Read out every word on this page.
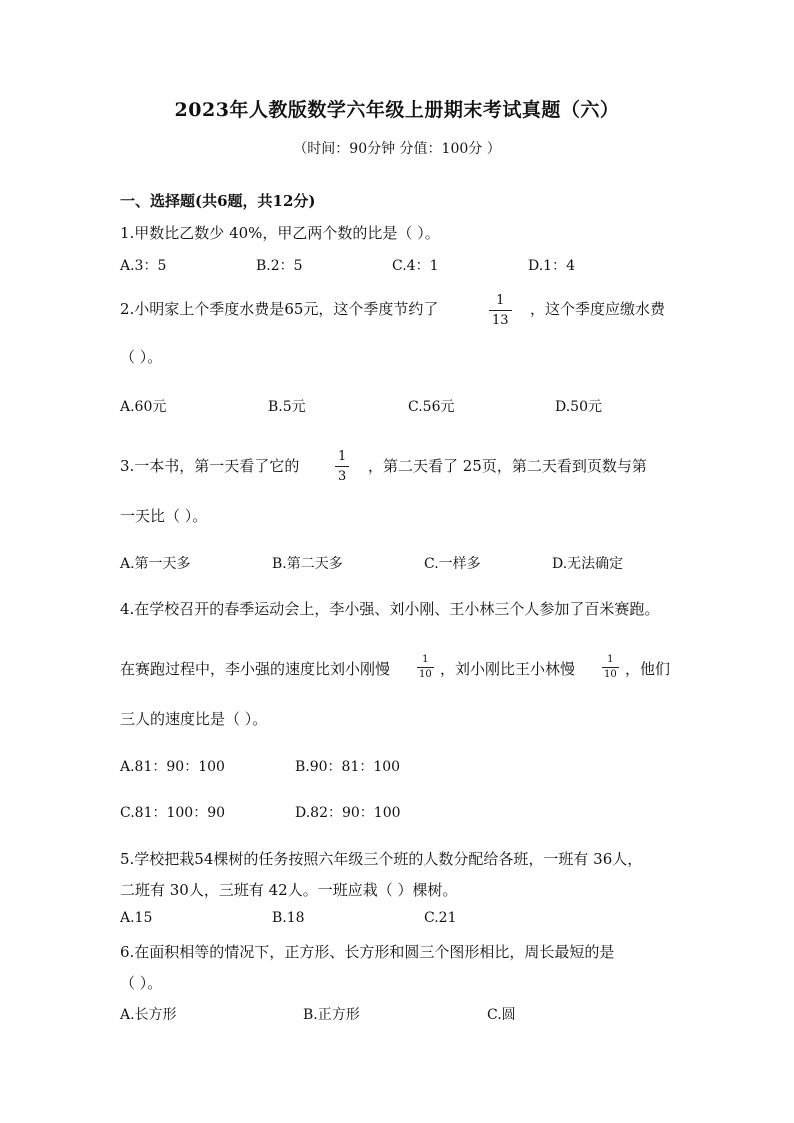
2023年人教版数学六年级上册期末考试真题（六）
（时间：90分钟 分值：100分 ）
一、选择题(共6题，共12分)
1.甲数比乙数少 40%，甲乙两个数的比是（ ）。
A.3：5	B.2：5	C.4：1	D.1：4
2.小明家上个季度水费是65元，这个季度节约了	$\frac{1}{13}$ ，这个季度应缴水费
（ ）。
A.60元	B.5元	C.56元	D.50元
3.一本书，第一天看了它的	$\frac{1}{3}$ ，第二天看了 25页，第二天看到页数与第
一天比（ ）。
A.第一天多	B.第二天多	C.一样多	D.无法确定
4.在学校召开的春季运动会上，李小强、刘小刚、王小林三个人参加了百米赛跑。
在赛跑过程中，李小强的速度比刘小刚慢	$\frac{1}{10}$ ，刘小刚比王小林慢	$\frac{1}{10}$ ，他们
三人的速度比是（ ）。
A.81：90：100	B.90：81：100
C.81：100：90	D.82：90：100
5.学校把栽54棵树的任务按照六年级三个班的人数分配给各班，一班有 36人，
二班有 30人，三班有 42人。一班应栽（ ）棵树。
A.15	B.18	C.21
6.在面积相等的情况下，正方形、长方形和圆三个图形相比，周长最短的是
（ ）。
A.长方形	B.正方形	C.圆
